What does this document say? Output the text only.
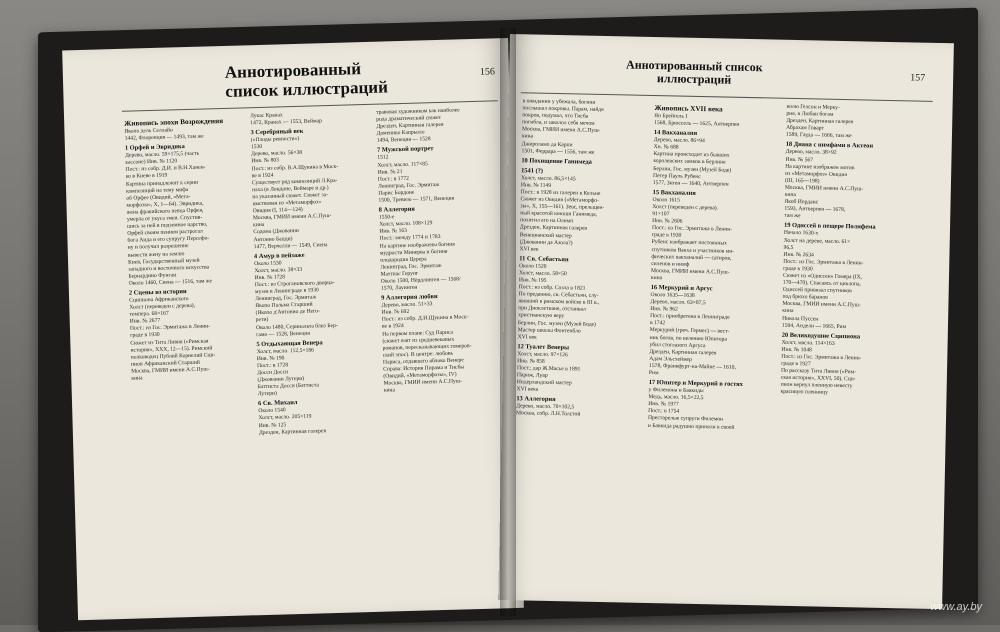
Аннотированный список иллюстраций
156
Живопись эпохи Возрождения
Якопо дель Селлайо
1442, Флоренция — 1493, там же
1 Орфей и Эвридика
Дерево, масло. 59×175,5 (часть
кассоне) Инв. № 1120
Пост.: из собр. Д.Й. и В.Н.Ханен-
ко в Киеве в 1919
Картина принадлежит к серии
композиций на тему мифа
об Орфее (Овидий, «Мета-
морфозы», X, 1—64). Эвридика,
жена фракийского певца Орфея,
умерла от укуса змеи. Спустив-
шись за ней в подземное царство,
Орфей своим пением растрогал
бога Аида и его супругу Персефо-
ну и получил разрешение
вывести жену на землю
Киев, Государственный музей
западного и восточного искусства
Бернардино Фунгаи
Около 1460, Сиена — 1516, там же
2 Сцены из истории
Сципиона Африканского
Холст (переведен с дерева),
темпера. 68×167
Инв. № 2677
Пост.: из Гос. Эрмитажа в Ленин-
граде в 1930
Сюжет из Тита Ливия («Римская
история», XXX, 12—15). Римский
полководец Публий Корнелий Сци-
пион Африканский Старший
Москва, ГМИИ имени А.С.Пуш-
кина
Лукас Кранах
1472, Кранах — 1553, Веймар
3 Серебряный век
(«Плоды ревности»)
1530
Дерево, масло. 56×38
Инв. № 803
Пост.: из собр. В.А.Щукина в Моск-
ве в 1924
Существует ряд композиций Л.Кра-
наха (в Лондоне, Веймаре и др.)
на указанный сюжет. Сюжет за-
имствован из «Метаморфоз»
Овидия (I, 114—124)
Москва, ГМИИ имени А.С.Пуш-
кина
Содома (Джованни
Антонио Бацци)
1477, Верчелли — 1549, Сиена
4 Амур в пейзаже
Около 1530
Холст, масло. 38×33
Инв. № 1728
Пост.: из Строгановского дворца-
музея в Ленинграде в 1930
Ленинград, Гос. Эрмитаж
Якопо Пальма Старший
(Якопо д'Антонио де Него-
рети)
Около 1480, Серинальта близ Бер-
гамо — 1528, Венеция
5 Отдыхающая Венера
Холст, масло. 112,5×186
Инв. № 190
Пост.: в 1728
Досси Досси
(Джованни Лутери)
Баттиста Досси (Баттиста
Лутери)
6 Св. Михаил
Около 1540
Холст, масло. 205×119
Инв. № 125
Дрезден, Картинная галерея
травовая художником как наиболее
рода драматический сюжет
Дрезден, Картинная галерея
Доменико Капрьоло
1494, Венеция — 1528
7 Мужской портрет
1512
Холст, масло. 117×85
Инв. № 21
Пост.: в 1772
Ленинград, Гос. Эрмитаж
Парис Бордоне
1500, Тревизо — 1571, Венеция
8 Аллегория
1550-е
Холст, масло. 108×129
Инв. № 163
Пост.: между 1774 и 1783
На картине изображены богиня
мудрости Минерва и богиня
плодородия Церера
Ленинград, Гос. Эрмитаж
Маттиас Герунг
Около 1500, Нёрдлинген — 1568/
1570, Лауинген
9 Аллегория любви
Дерево, масло. 51×33
Инв. № 692
Пост.: из собр. Д.И.Щукина в Моск-
ве в 1924
На первом плане: Суд Париса
(сюжет взят из средневековых
романов, пересказывающих гомеров-
ский эпос). В центре: любовь
Париса, отдавшего яблоко Венере
Справа: История Пирама и Тисбы
(Овидий, «Метаморфозы», IV)
Москва, ГМИИ имени А.С.Пуш-
кина
Аннотированный список иллюстраций	157
в ожидании у убежала, богини
послышал покровы. Парам, найдя
покров, подумал, что Тисба
погибла, и заколол себя мечом
Москва, ГМИИ имени А.С.Пуш-
кина
Джироламо да Карпи
1501, Феррара — 1556, там же
10 Похищение Ганимеда
1541 (?)
Холст, масло. 86,5×145
Инв. № 1149
Пост.: в 1928 из галереи в Кельне
Сюжет из Овидия («Метаморфо-
зы», X, 155—161). Зевс, прельщен-
ный красотой юноши Ганимеда,
похитил его на Олимп
Дрезден, Картинная галерея
Венецианский мастер
(Джованни да Азола?)
XVI век
11 Св. Себастьян
Около 1520
Холст, масло. 58×50
Инв. № 195
Пост.: из собр. Созла в 1821
По преданию, св. Себастьян, слу-
живший в римском войске в III в.,
при Диоклетиане, отстаивал
христианскую веру
Берлин, Гос. музеи (Музей Боде)
Мастер школы Фонтенбло
XVI век
12 Туалет Венеры
Холст, масло. 97×126
Инв. № 858
Пост.: дар Ж.Масье в 1891
Париж, Лувр
Нидерландский мастер
XVI века
13 Аллегория
Дерево, масло. 70×102,5
Москва, собр. Л.Н.Толстой
Живопись XVII века
Ян Брейгель I
1568, Брюссель — 1625, Антверпен
14 Вакханалия
Дерево, масло. 86×94
Хн. № 688
Картина происходит из бывших
королевских замков в Берлине
Берлин, Гос. музеи (Музей Боде)
Петер Пауль Рубенс
1577, Зиген — 1640, Антверпен
15 Вакханалия
Около 1615
Холст (переведен с дерева).
91×107
Инв. № 2606
Пост.: из Гос. Эрмитажа в Ленин-
граде в 1930
Рубенс изображает постоянных
спутников Вакха и участников ми-
фических вакханалий — сатиров,
силенов и нимф
Москва, ГМИИ имени А.С.Пуш-
кина
16 Меркурий и Аргус
Около 1635—1638
Дерево, масло. 63×87,5
Инв. № 962
Пост.: приобретена в Ленинграде
в 1742
Меркурий (греч. Гермес) — вест-
ник богов, по велению Юпитера
убил стоглазого Аргуса
Дрезден, Картинная галерея
Адам Эльсхеймер
1578, Франкфурт-на-Майне — 1610,
Рим
17 Юпитер и Меркурий в гостях
у Филемона и Бавкиды
Медь, масло. 16,5×22,5
Инв. № 1977
Пост.: в 1754
Престарелые супруги Филемон
и Бавкида радушно приняли в своей
волю Гелсон и Мерку-
рия, в Любви богам
Дрезден, Картинная галерея
Абрахам Говарт
1589, Гауда — 1666, там же
18 Диана с нимфами в Актеон
Дерево, масло. 38×92
Инв. № 567
На картине изображен мотив
из «Метаморфоз» Овидия
(III, 165—198)
Москва, ГМИИ имени А.С.Пуш-
кина
Якоб Йорданс
1593, Антверпен — 1678,
там же
19 Одиссей в пещере Полифема
Начало 1630-х
Холст на дереве, масло. 61×
96,5
Инв. № 2634
Пост.: из Гос. Эрмитажа в Ленин-
граде в 1930
Сюжет из «Одиссеи» Гомера (IX,
170—470). Спасаясь от циклопа,
Одиссей привязал спутников
под брюхо баранов
Москва, ГМИИ имени А.С.Пуш-
кина
Никола Пуссен
1594, Андели — 1665, Рим
20 Великодушие Сципиона
Холст, масло. 114×163
Инв. № 1048
Пост.: из Гос. Эрмитажа в Ленин-
граде в 1927
По рассказу Тита Ливия («Рим-
ская история», XXVI, 50), Сци-
пион вернул пленную невесту
красивую пленницу
www.ay.by
